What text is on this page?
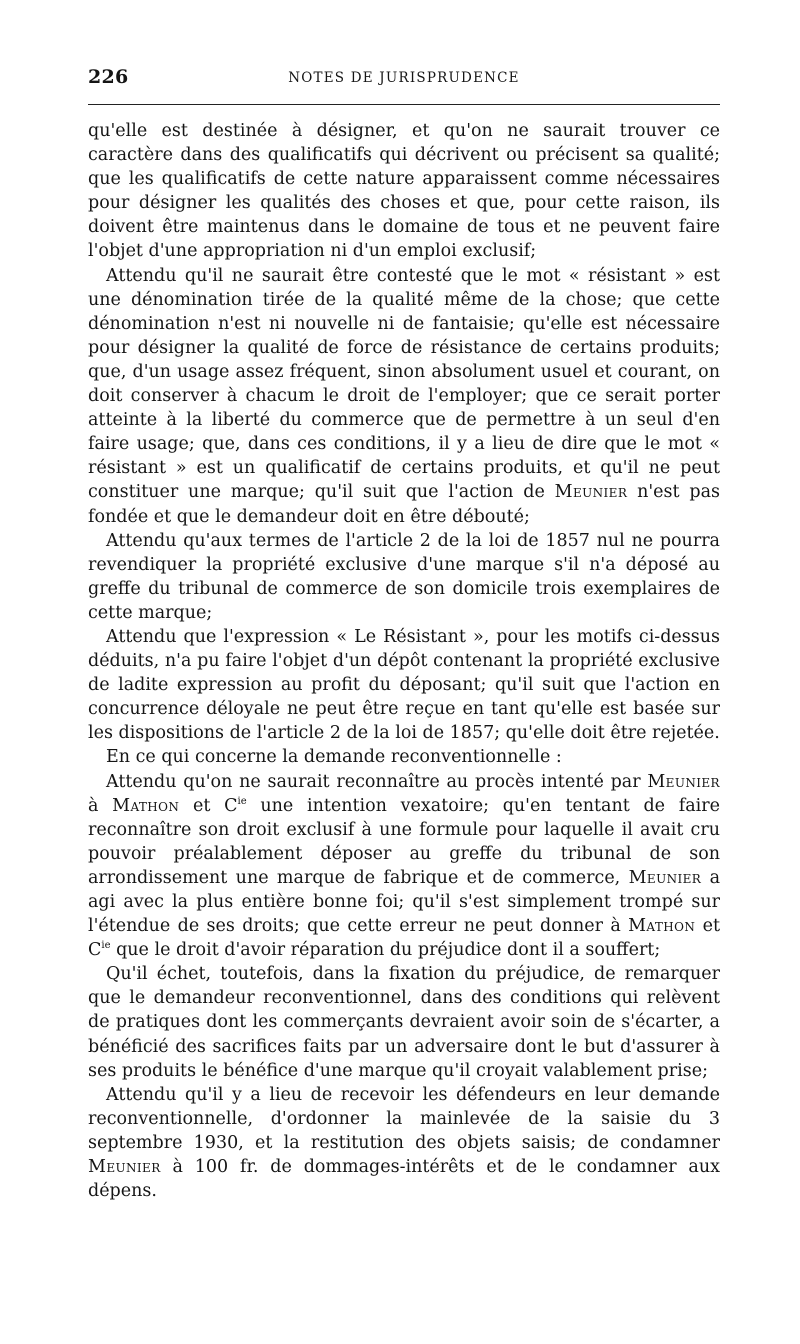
226	NOTES DE JURISPRUDENCE

qu'elle est destinée à désigner, et qu'on ne saurait trouver ce caractère dans des qualificatifs qui décrivent ou précisent sa qualité; que les qualificatifs de cette nature apparaissent comme nécessaires pour désigner les qualités des choses et que, pour cette raison, ils doivent être maintenus dans le domaine de tous et ne peuvent faire l'objet d'une appropriation ni d'un emploi exclusif;

Attendu qu'il ne saurait être contesté que le mot « résistant » est une dénomination tirée de la qualité même de la chose; que cette dénomination n'est ni nouvelle ni de fantaisie; qu'elle est nécessaire pour désigner la qualité de force de résistance de certains produits; que, d'un usage assez fréquent, sinon absolument usuel et courant, on doit conserver à chacum le droit de l'employer; que ce serait porter atteinte à la liberté du commerce que de permettre à un seul d'en faire usage; que, dans ces conditions, il y a lieu de dire que le mot « résistant » est un qualificatif de certains produits, et qu'il ne peut constituer une marque; qu'il suit que l'action de Meunier n'est pas fondée et que le demandeur doit en être débouté;

Attendu qu'aux termes de l'article 2 de la loi de 1857 nul ne pourra revendiquer la propriété exclusive d'une marque s'il n'a déposé au greffe du tribunal de commerce de son domicile trois exemplaires de cette marque;

Attendu que l'expression « Le Résistant », pour les motifs ci-dessus déduits, n'a pu faire l'objet d'un dépôt contenant la propriété exclusive de ladite expression au profit du déposant; qu'il suit que l'action en concurrence déloyale ne peut être reçue en tant qu'elle est basée sur les dispositions de l'article 2 de la loi de 1857; qu'elle doit être rejetée.

En ce qui concerne la demande reconventionnelle :

Attendu qu'on ne saurait reconnaître au procès intenté par Meunier à Mathon et $C^{ie}$ une intention vexatoire; qu'en tentant de faire reconnaître son droit exclusif à une formule pour laquelle il avait cru pouvoir préalablement déposer au greffe du tribunal de son arrondissement une marque de fabrique et de commerce, Meunier a agi avec la plus entière bonne foi; qu'il s'est simplement trompé sur l'étendue de ses droits; que cette erreur ne peut donner à Mathon et $C^{ie}$ que le droit d'avoir réparation du préjudice dont il a souffert;

Qu'il échet, toutefois, dans la fixation du préjudice, de remarquer que le demandeur reconventionnel, dans des conditions qui relèvent de pratiques dont les commerçants devraient avoir soin de s'écarter, a bénéficié des sacrifices faits par un adversaire dont le but d'assurer à ses produits le bénéfice d'une marque qu'il croyait valablement prise;

Attendu qu'il y a lieu de recevoir les défendeurs en leur demande reconventionnelle, d'ordonner la mainlevée de la saisie du 3 septembre 1930, et la restitution des objets saisis; de condamner Meunier à 100 fr. de dommages-intérêts et de le condamner aux dépens.
